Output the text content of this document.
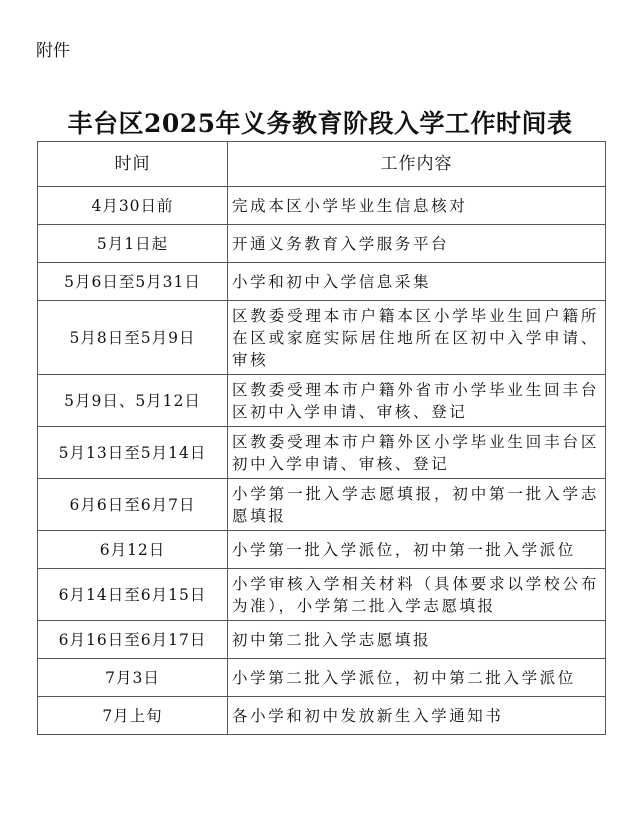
附件
丰台区2025年义务教育阶段入学工作时间表
时间	工作内容
4月30日前	完成本区小学毕业生信息核对
5月1日起	开通义务教育入学服务平台
5月6日至5月31日	小学和初中入学信息采集
5月8日至5月9日	区教委受理本市户籍本区小学毕业生回户籍所在区或家庭实际居住地所在区初中入学申请、审核
5月9日、5月12日	区教委受理本市户籍外省市小学毕业生回丰台区初中入学申请、审核、登记
5月13日至5月14日	区教委受理本市户籍外区小学毕业生回丰台区初中入学申请、审核、登记
6月6日至6月7日	小学第一批入学志愿填报，初中第一批入学志愿填报
6月12日	小学第一批入学派位，初中第一批入学派位
6月14日至6月15日	小学审核入学相关材料（具体要求以学校公布为准），小学第二批入学志愿填报
6月16日至6月17日	初中第二批入学志愿填报
7月3日	小学第二批入学派位，初中第二批入学派位
7月上旬	各小学和初中发放新生入学通知书
